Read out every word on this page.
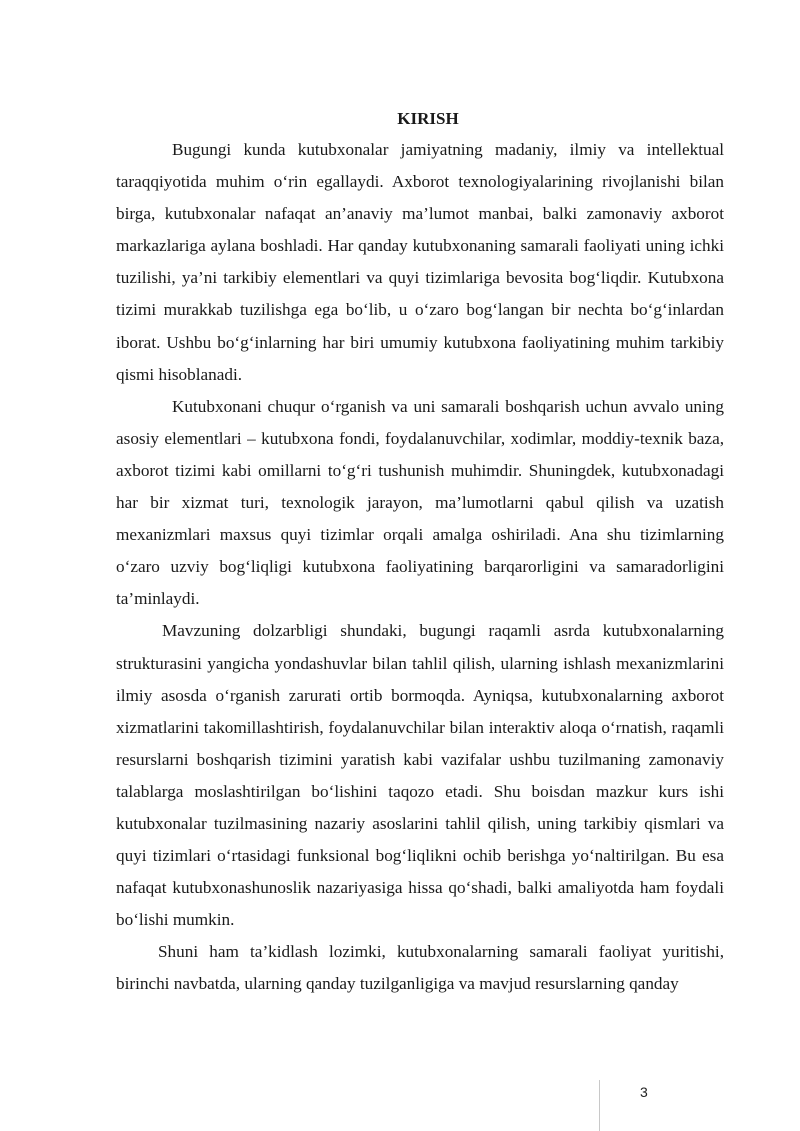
KIRISH

Bugungi kunda kutubxonalar jamiyatning madaniy, ilmiy va intellektual taraqqiyotida muhim o‘rin egallaydi. Axborot texnologiyalarining rivojlanishi bilan birga, kutubxonalar nafaqat an’anaviy ma’lumot manbai, balki zamonaviy axborot markazlariga aylana boshladi. Har qanday kutubxonaning samarali faoliyati uning ichki tuzilishi, ya’ni tarkibiy elementlari va quyi tizimlariga bevosita bog‘liqdir. Kutubxona tizimi murakkab tuzilishga ega bo‘lib, u o‘zaro bog‘langan bir nechta bo‘g‘inlardan iborat. Ushbu bo‘g‘inlarning har biri umumiy kutubxona faoliyatining muhim tarkibiy qismi hisoblanadi.

Kutubxonani chuqur o‘rganish va uni samarali boshqarish uchun avvalo uning asosiy elementlari – kutubxona fondi, foydalanuvchilar, xodimlar, moddiy-texnik baza, axborot tizimi kabi omillarni to‘g‘ri tushunish muhimdir. Shuningdek, kutubxonadagi har bir xizmat turi, texnologik jarayon, ma’lumotlarni qabul qilish va uzatish mexanizmlari maxsus quyi tizimlar orqali amalga oshiriladi. Ana shu tizimlarning o‘zaro uzviy bog‘liqligi kutubxona faoliyatining barqarorligini va samaradorligini ta’minlaydi.

Mavzuning dolzarbligi shundaki, bugungi raqamli asrda kutubxonalarning strukturasini yangicha yondashuvlar bilan tahlil qilish, ularning ishlash mexanizmlarini ilmiy asosda o‘rganish zarurati ortib bormoqda. Ayniqsa, kutubxonalarning axborot xizmatlarini takomillashtirish, foydalanuvchilar bilan interaktiv aloqa o‘rnatish, raqamli resurslarni boshqarish tizimini yaratish kabi vazifalar ushbu tuzilmaning zamonaviy talablarga moslashtirilgan bo‘lishini taqozo etadi. Shu boisdan mazkur kurs ishi kutubxonalar tuzilmasining nazariy asoslarini tahlil qilish, uning tarkibiy qismlari va quyi tizimlari o‘rtasidagi funksional bog‘liqlikni ochib berishga yo‘naltirilgan. Bu esa nafaqat kutubxonashunoslik nazariyasiga hissa qo‘shadi, balki amaliyotda ham foydali bo‘lishi mumkin.

Shuni ham ta’kidlash lozimki, kutubxonalarning samarali faoliyat yuritishi, birinchi navbatda, ularning qanday tuzilganligiga va mavjud resurslarning qanday

3
